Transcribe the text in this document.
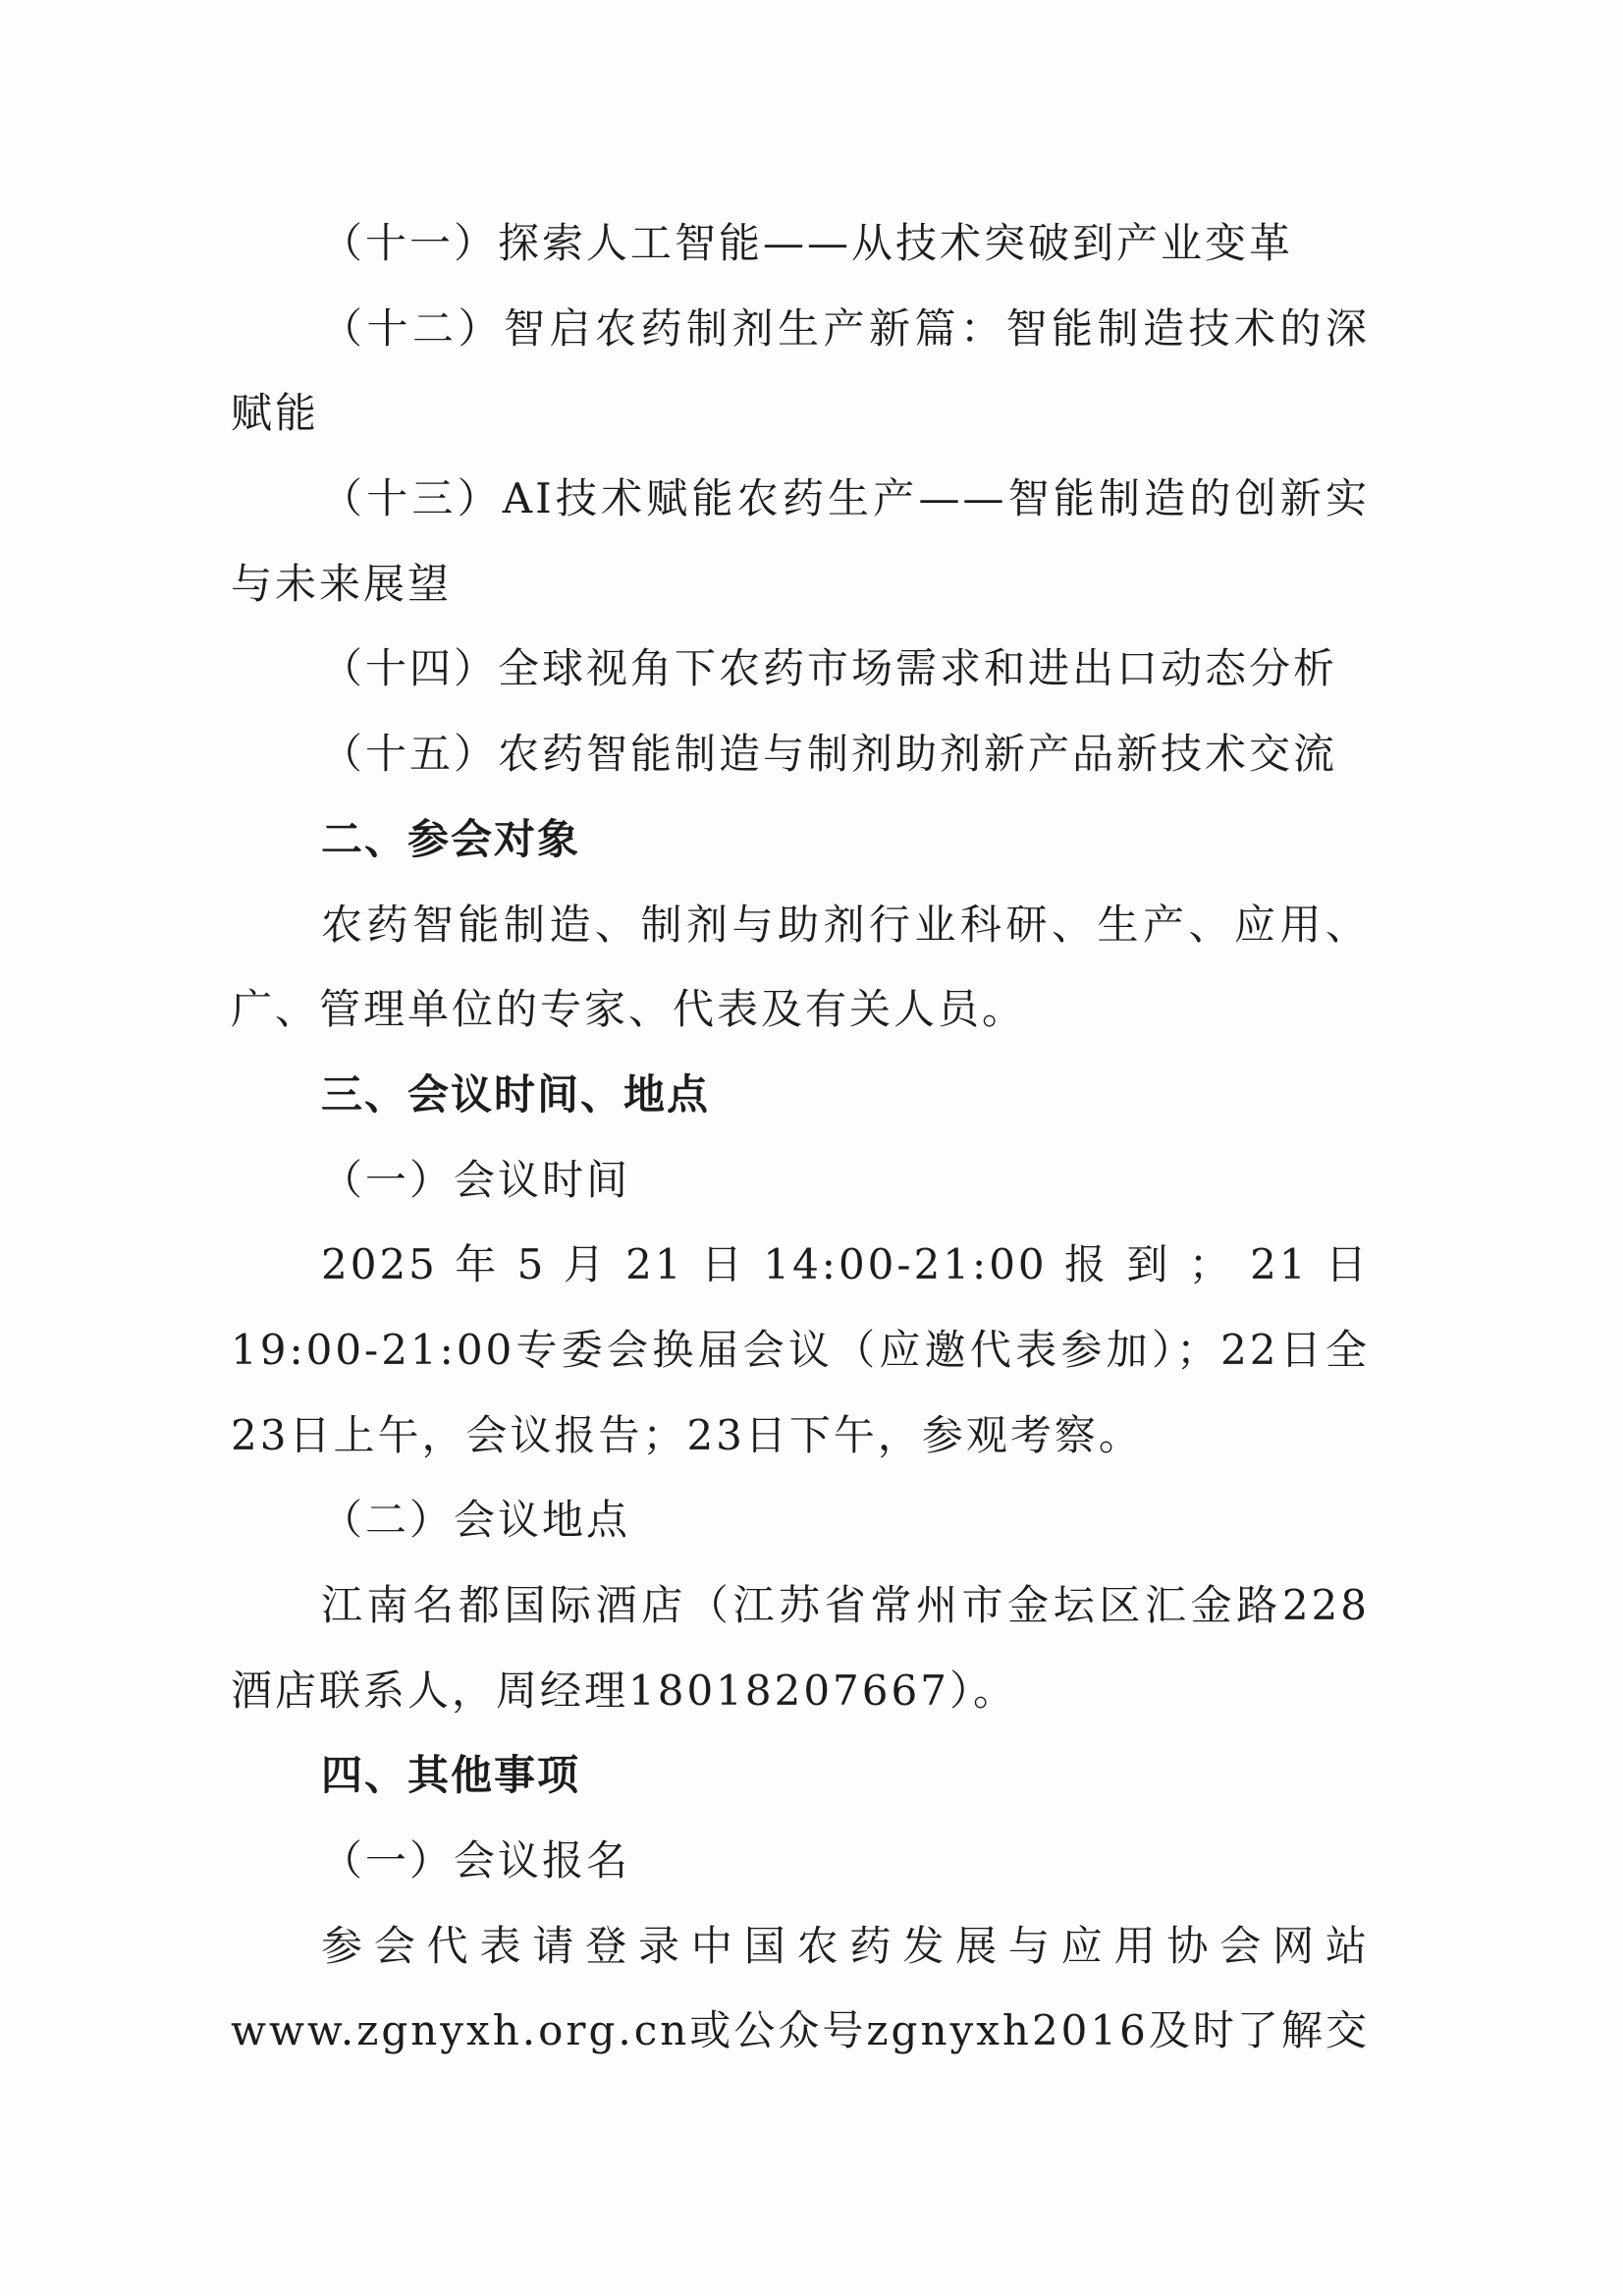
（十一）探索人工智能——从技术突破到产业变革
（十二）智启农药制剂生产新篇：智能制造技术的深
赋能
（十三）AI技术赋能农药生产——智能制造的创新实
与未来展望
（十四）全球视角下农药市场需求和进出口动态分析
（十五）农药智能制造与制剂助剂新产品新技术交流
二、参会对象
农药智能制造、制剂与助剂行业科研、生产、应用、
广、管理单位的专家、代表及有关人员。
三、会议时间、地点
（一）会议时间
2025 年 5 月 21 日 14:00-21:00 报 到 ； 21 日
19:00-21:00专委会换届会议（应邀代表参加）；22日全
23日上午，会议报告；23日下午，参观考察。
（二）会议地点
江南名都国际酒店（江苏省常州市金坛区汇金路228
酒店联系人，周经理18018207667）。
四、其他事项
（一）会议报名
参会代表请登录中国农药发展与应用协会网站
www.zgnyxh.org.cn或公众号zgnyxh2016及时了解交
